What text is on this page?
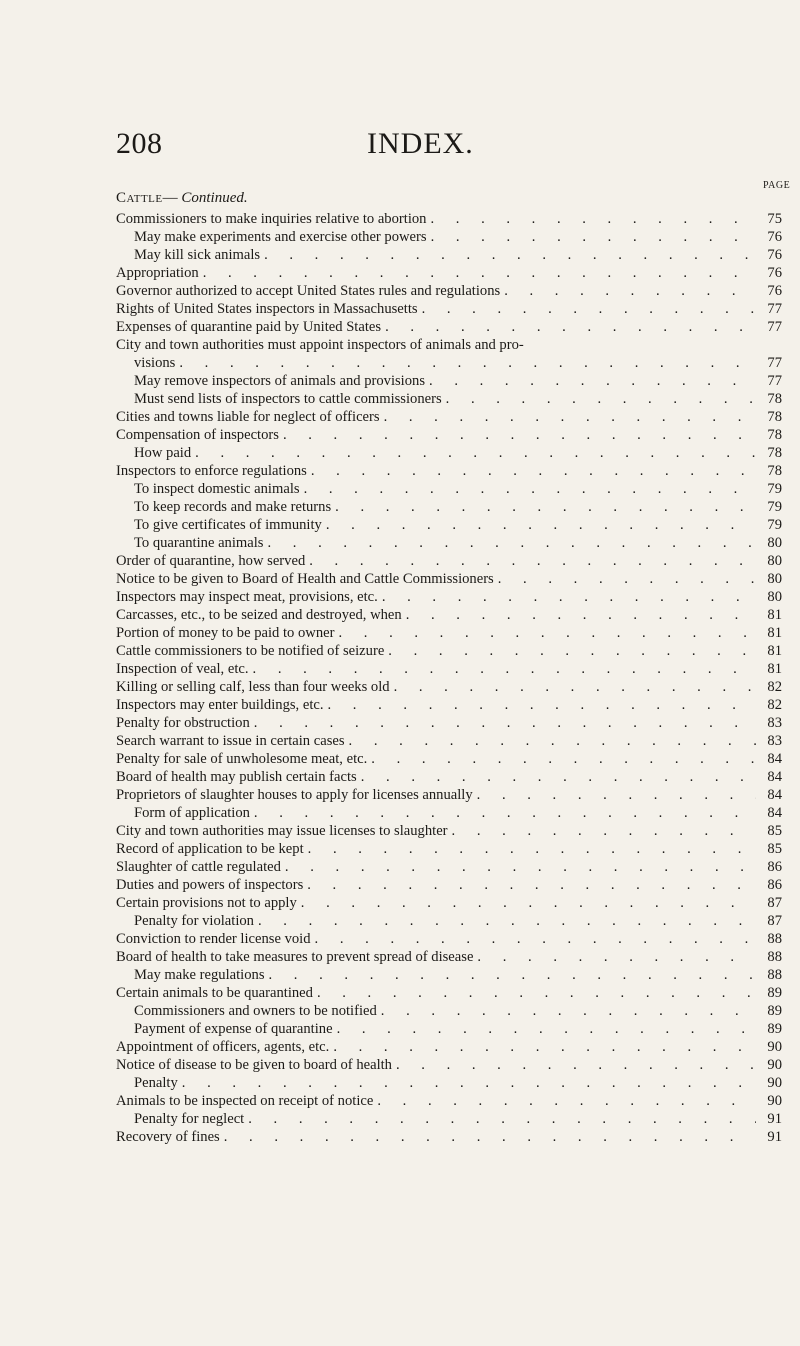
208	INDEX.
PAGE
Cattle— Continued.
Commissioners to make inquiries relative to abortion . . .	75
May make experiments and exercise other powers . . .	76
May kill sick animals . . .	76
Appropriation . . .	76
Governor authorized to accept United States rules and regulations . . .	76
Rights of United States inspectors in Massachusetts . . .	77
Expenses of quarantine paid by United States . . .	77
City and town authorities must appoint inspectors of animals and pro-
visions . . .	77
May remove inspectors of animals and provisions . . .	77
Must send lists of inspectors to cattle commissioners . . .	78
Cities and towns liable for neglect of officers . . .	78
Compensation of inspectors . . .	78
How paid . . .	78
Inspectors to enforce regulations . . .	78
To inspect domestic animals . . .	79
To keep records and make returns . . .	79
To give certificates of immunity . . .	79
To quarantine animals . . .	80
Order of quarantine, how served . . .	80
Notice to be given to Board of Health and Cattle Commissioners . . .	80
Inspectors may inspect meat, provisions, etc. . . .	80
Carcasses, etc., to be seized and destroyed, when . . .	81
Portion of money to be paid to owner . . .	81
Cattle commissioners to be notified of seizure . . .	81
Inspection of veal, etc. . . .	81
Killing or selling calf, less than four weeks old . . .	82
Inspectors may enter buildings, etc. . . .	82
Penalty for obstruction . . .	83
Search warrant to issue in certain cases . . .	83
Penalty for sale of unwholesome meat, etc. . . .	84
Board of health may publish certain facts . . .	84
Proprietors of slaughter houses to apply for licenses annually . . .	84
Form of application . . .	84
City and town authorities may issue licenses to slaughter . . .	85
Record of application to be kept . . .	85
Slaughter of cattle regulated . . .	86
Duties and powers of inspectors . . .	86
Certain provisions not to apply . . .	87
Penalty for violation . . .	87
Conviction to render license void . . .	88
Board of health to take measures to prevent spread of disease . . .	88
May make regulations . . .	88
Certain animals to be quarantined . . .	89
Commissioners and owners to be notified . . .	89
Payment of expense of quarantine . . .	89
Appointment of officers, agents, etc. . . .	90
Notice of disease to be given to board of health . . .	90
Penalty . . .	90
Animals to be inspected on receipt of notice . . .	90
Penalty for neglect . . .	91
Recovery of fines . . .	91
